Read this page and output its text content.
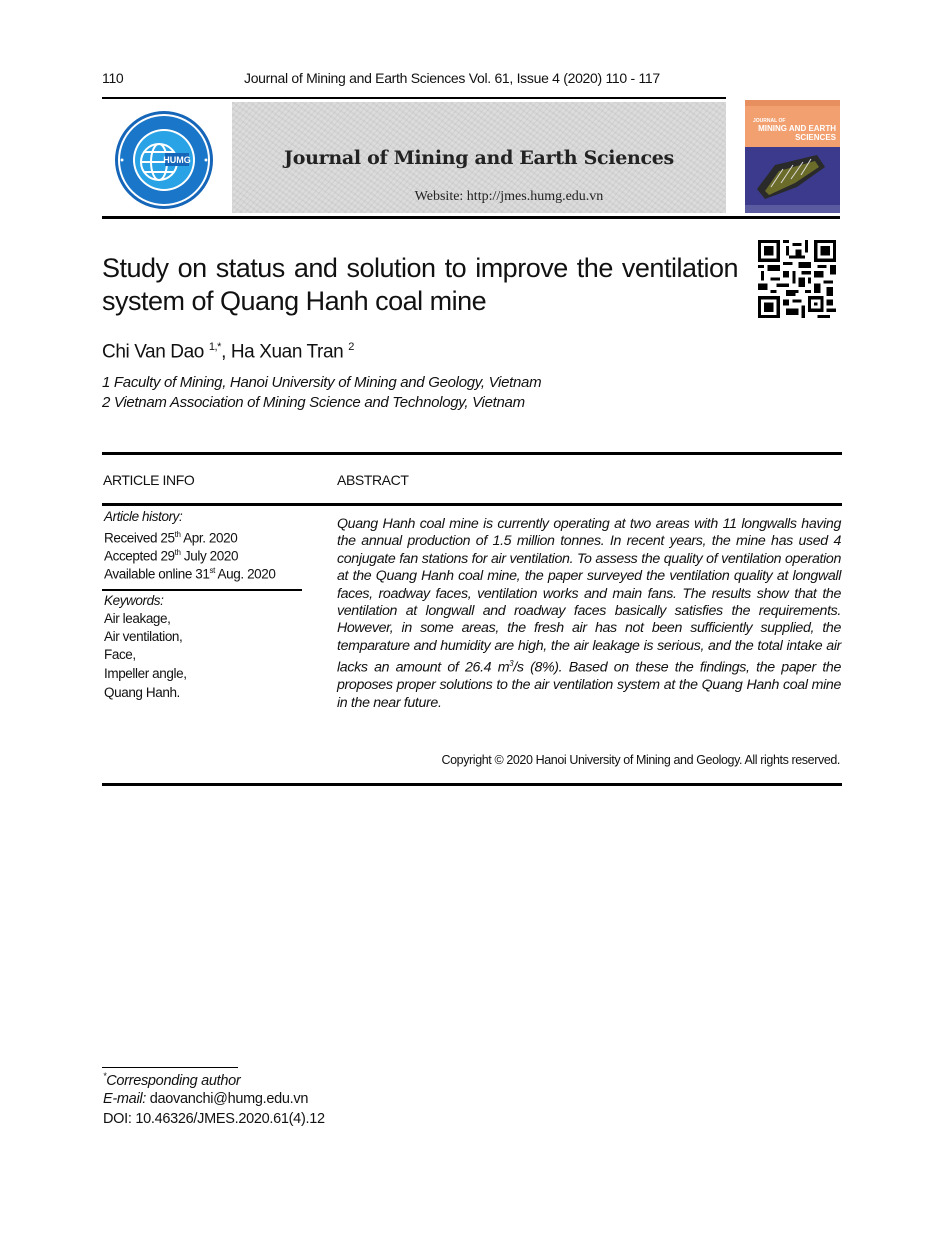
110	Journal of Mining and Earth Sciences Vol. 61, Issue 4 (2020) 110 - 117
HUMG	Journal of Mining and Earth Sciences
Website: http://jmes.humg.edu.vn
JOURNAL OF
MINING AND EARTH
SCIENCES
Study on status and solution to improve the ventilation system of Quang Hanh coal mine
Chi Van Dao $^{1,*}$, Ha Xuan Tran $^2$
1 Faculty of Mining, Hanoi University of Mining and Geology, Vietnam
2 Vietnam Association of Mining Science and Technology, Vietnam
ARTICLE INFO	ABSTRACT
Article history:
Received 25th Apr. 2020
Accepted 29th July 2020
Available online 31st Aug. 2020
Keywords:
Air leakage,
Air ventilation,
Face,
Impeller angle,
Quang Hanh.
Quang Hanh coal mine is currently operating at two areas with 11 longwalls having the annual production of 1.5 million tonnes. In recent years, the mine has used 4 conjugate fan stations for air ventilation. To assess the quality of ventilation operation at the Quang Hanh coal mine, the paper surveyed the ventilation quality at longwall faces, roadway faces, ventilation works and main fans. The results show that the ventilation at longwall and roadway faces basically satisfies the requirements. However, in some areas, the fresh air has not been sufficiently supplied, the temparature and humidity are high, the air leakage is serious, and the total intake air lacks an amount of 26.4 $m^3/s$ (8%). Based on these the findings, the paper the proposes proper solutions to the air ventilation system at the Quang Hanh coal mine in the near future.
Copyright © 2020 Hanoi University of Mining and Geology. All rights reserved.
*Corresponding author
E-mail: daovanchi@humg.edu.vn
DOI: 10.46326/JMES.2020.61(4).12
